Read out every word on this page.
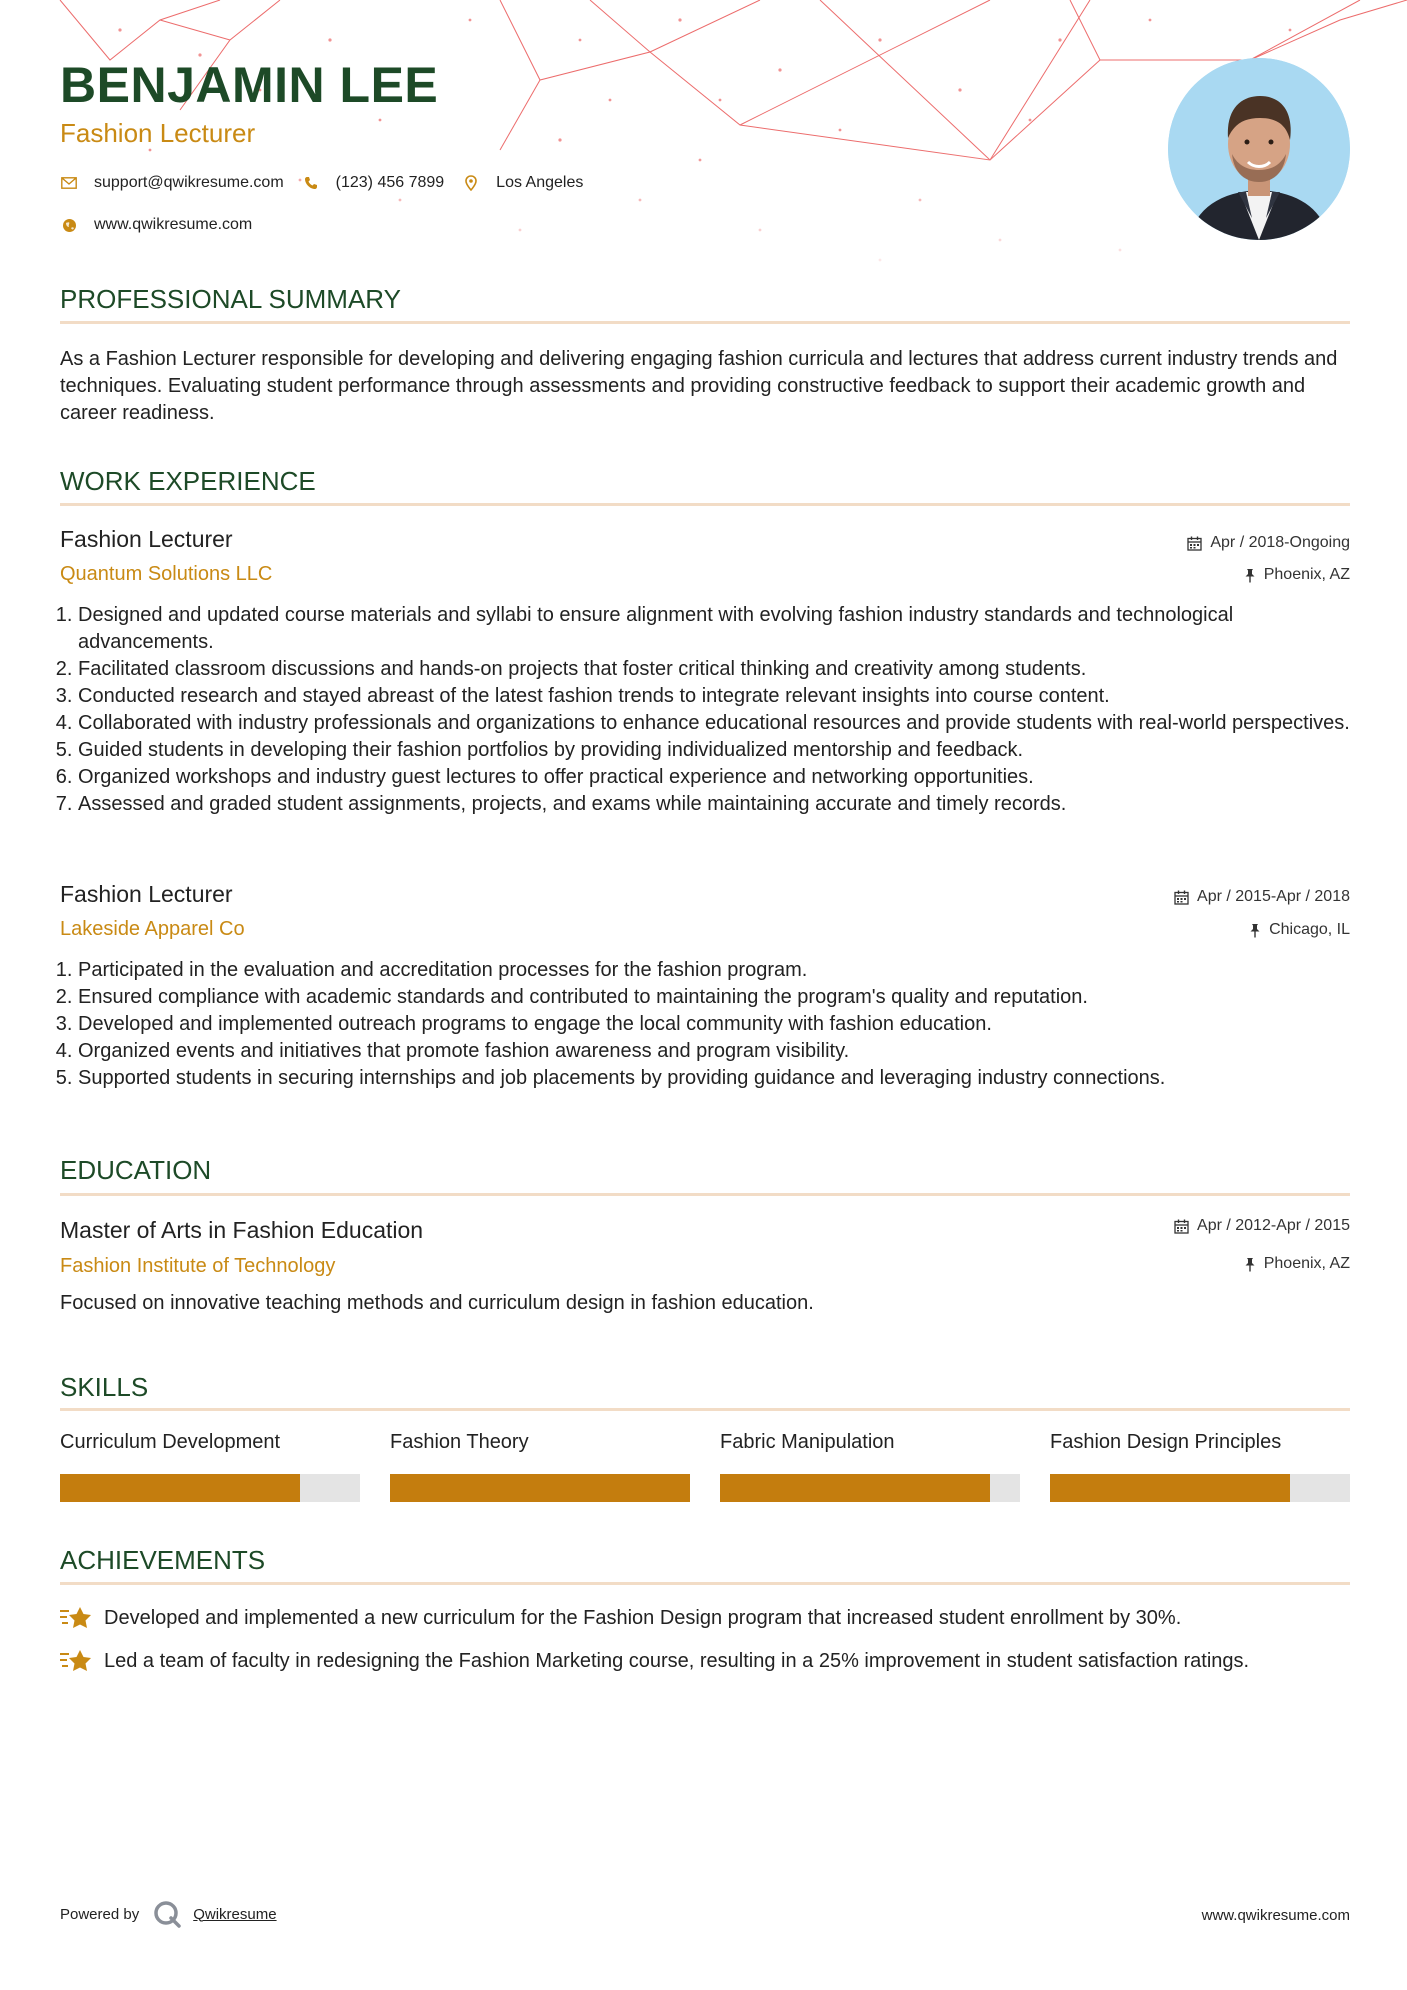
BENJAMIN LEE
Fashion Lecturer
support@qwikresume.com	(123) 456 7899	Los Angeles
www.qwikresume.com
PROFESSIONAL SUMMARY
As a Fashion Lecturer responsible for developing and delivering engaging fashion curricula and lectures that address current industry trends and techniques. Evaluating student performance through assessments and providing constructive feedback to support their academic growth and career readiness.
WORK EXPERIENCE
Fashion Lecturer
Quantum Solutions LLC
Apr / 2018-Ongoing
Phoenix, AZ
1. Designed and updated course materials and syllabi to ensure alignment with evolving fashion industry standards and technological advancements.
2. Facilitated classroom discussions and hands-on projects that foster critical thinking and creativity among students.
3. Conducted research and stayed abreast of the latest fashion trends to integrate relevant insights into course content.
4. Collaborated with industry professionals and organizations to enhance educational resources and provide students with real-world perspectives.
5. Guided students in developing their fashion portfolios by providing individualized mentorship and feedback.
6. Organized workshops and industry guest lectures to offer practical experience and networking opportunities.
7. Assessed and graded student assignments, projects, and exams while maintaining accurate and timely records.
Fashion Lecturer
Lakeside Apparel Co
Apr / 2015-Apr / 2018
Chicago, IL
1. Participated in the evaluation and accreditation processes for the fashion program.
2. Ensured compliance with academic standards and contributed to maintaining the program's quality and reputation.
3. Developed and implemented outreach programs to engage the local community with fashion education.
4. Organized events and initiatives that promote fashion awareness and program visibility.
5. Supported students in securing internships and job placements by providing guidance and leveraging industry connections.
EDUCATION
Master of Arts in Fashion Education
Fashion Institute of Technology
Apr / 2012-Apr / 2015
Phoenix, AZ
Focused on innovative teaching methods and curriculum design in fashion education.
SKILLS
Curriculum Development	Fashion Theory	Fabric Manipulation	Fashion Design Principles
ACHIEVEMENTS
Developed and implemented a new curriculum for the Fashion Design program that increased student enrollment by 30%.
Led a team of faculty in redesigning the Fashion Marketing course, resulting in a 25% improvement in student satisfaction ratings.
Powered by	Qwikresume	www.qwikresume.com
